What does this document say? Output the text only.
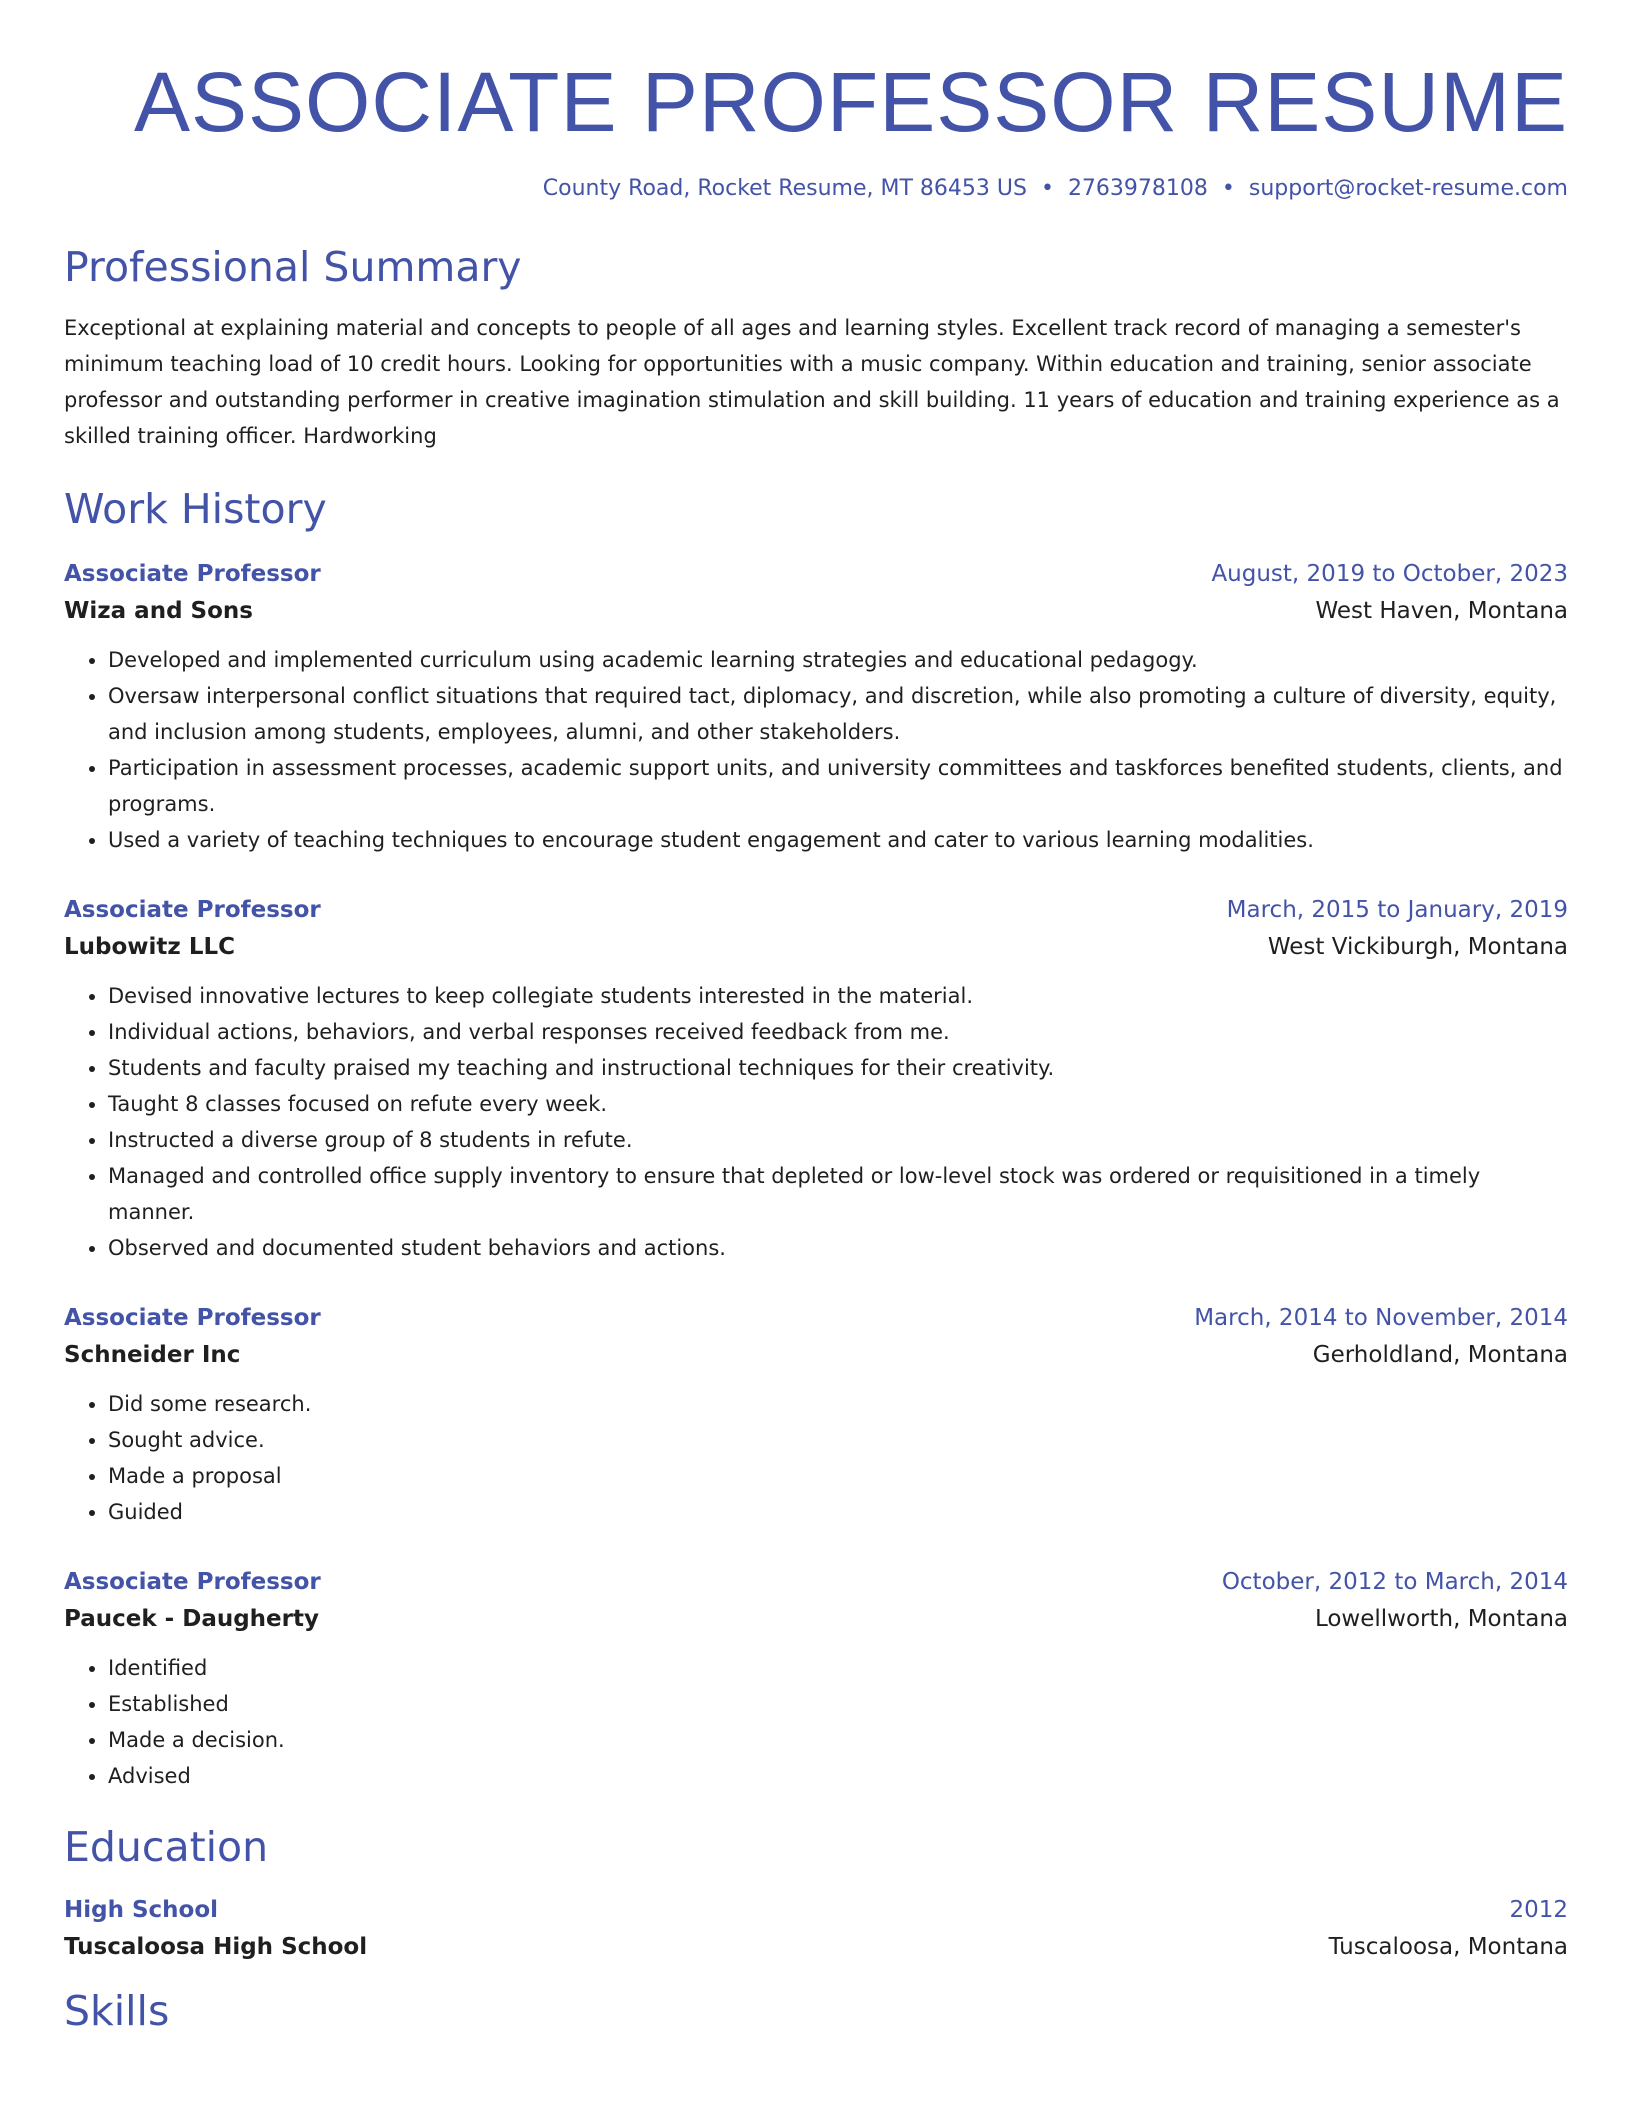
ASSOCIATE PROFESSOR RESUME
County Road, Rocket Resume, MT 86453 US • 2763978108 • support@rocket-resume.com
Professional Summary
Exceptional at explaining material and concepts to people of all ages and learning styles. Excellent track record of managing a semester's minimum teaching load of 10 credit hours. Looking for opportunities with a music company. Within education and training, senior associate professor and outstanding performer in creative imagination stimulation and skill building. 11 years of education and training experience as a skilled training officer. Hardworking
Work History
Associate Professor	August, 2019 to October, 2023
Wiza and Sons	West Haven, Montana
• Developed and implemented curriculum using academic learning strategies and educational pedagogy.
• Oversaw interpersonal conflict situations that required tact, diplomacy, and discretion, while also promoting a culture of diversity, equity, and inclusion among students, employees, alumni, and other stakeholders.
• Participation in assessment processes, academic support units, and university committees and taskforces benefited students, clients, and programs.
• Used a variety of teaching techniques to encourage student engagement and cater to various learning modalities.
Associate Professor	March, 2015 to January, 2019
Lubowitz LLC	West Vickiburgh, Montana
• Devised innovative lectures to keep collegiate students interested in the material.
• Individual actions, behaviors, and verbal responses received feedback from me.
• Students and faculty praised my teaching and instructional techniques for their creativity.
• Taught 8 classes focused on refute every week.
• Instructed a diverse group of 8 students in refute.
• Managed and controlled office supply inventory to ensure that depleted or low-level stock was ordered or requisitioned in a timely manner.
• Observed and documented student behaviors and actions.
Associate Professor	March, 2014 to November, 2014
Schneider Inc	Gerholdland, Montana
• Did some research.
• Sought advice.
• Made a proposal
• Guided
Associate Professor	October, 2012 to March, 2014
Paucek - Daugherty	Lowellworth, Montana
• Identified
• Established
• Made a decision.
• Advised
Education
High School	2012
Tuscaloosa High School	Tuscaloosa, Montana
Skills
